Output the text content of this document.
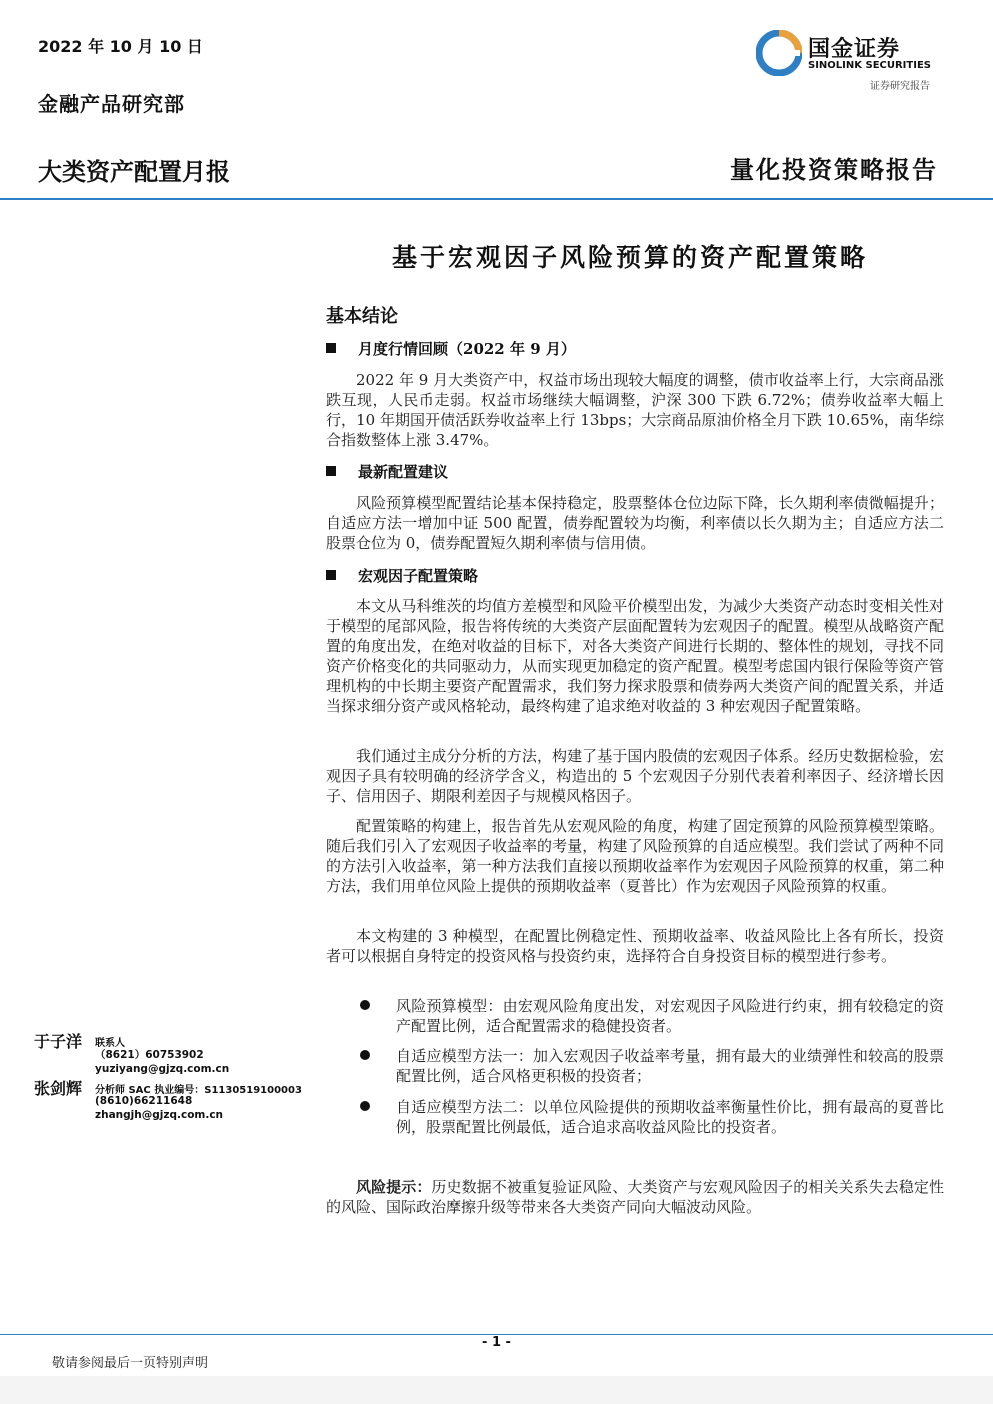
2022 年 10 月 10 日
金融产品研究部
国金证券
SINOLINK SECURITIES
证券研究报告
大类资产配置月报	量化投资策略报告
基于宏观因子风险预算的资产配置策略
基本结论
月度行情回顾（2022 年 9 月）
2022 年 9 月大类资产中，权益市场出现较大幅度的调整，债市收益率上行，大宗商品涨跌互现，人民币走弱。权益市场继续大幅调整，沪深 300 下跌 6.72%；债券收益率大幅上行，10 年期国开债活跃券收益率上行 13bps；大宗商品原油价格全月下跌 10.65%，南华综合指数整体上涨 3.47%。
最新配置建议
风险预算模型配置结论基本保持稳定，股票整体仓位边际下降，长久期利率债微幅提升；自适应方法一增加中证 500 配置，债券配置较为均衡，利率债以长久期为主；自适应方法二股票仓位为 0，债券配置短久期利率债与信用债。
宏观因子配置策略
本文从马科维茨的均值方差模型和风险平价模型出发，为减少大类资产动态时变相关性对于模型的尾部风险，报告将传统的大类资产层面配置转为宏观因子的配置。模型从战略资产配置的角度出发，在绝对收益的目标下，对各大类资产间进行长期的、整体性的规划，寻找不同资产价格变化的共同驱动力，从而实现更加稳定的资产配置。模型考虑国内银行保险等资产管理机构的中长期主要资产配置需求，我们努力探求股票和债券两大类资产间的配置关系，并适当探求细分资产或风格轮动，最终构建了追求绝对收益的 3 种宏观因子配置策略。
我们通过主成分分析的方法，构建了基于国内股债的宏观因子体系。经历史数据检验，宏观因子具有较明确的经济学含义，构造出的 5 个宏观因子分别代表着利率因子、经济增长因子、信用因子、期限利差因子与规模风格因子。
配置策略的构建上，报告首先从宏观风险的角度，构建了固定预算的风险预算模型策略。随后我们引入了宏观因子收益率的考量，构建了风险预算的自适应模型。我们尝试了两种不同的方法引入收益率，第一种方法我们直接以预期收益率作为宏观因子风险预算的权重，第二种方法，我们用单位风险上提供的预期收益率（夏普比）作为宏观因子风险预算的权重。
本文构建的 3 种模型，在配置比例稳定性、预期收益率、收益风险比上各有所长，投资者可以根据自身特定的投资风格与投资约束，选择符合自身投资目标的模型进行参考。
风险预算模型：由宏观风险角度出发，对宏观因子风险进行约束，拥有较稳定的资产配置比例，适合配置需求的稳健投资者。
自适应模型方法一：加入宏观因子收益率考量，拥有最大的业绩弹性和较高的股票配置比例，适合风格更积极的投资者；
自适应模型方法二：以单位风险提供的预期收益率衡量性价比，拥有最高的夏普比例，股票配置比例最低，适合追求高收益风险比的投资者。
风险提示：历史数据不被重复验证风险、大类资产与宏观风险因子的相关关系失去稳定性的风险、国际政治摩擦升级等带来各大类资产同向大幅波动风险。
于子洋 联系人
（8621）60753902
yuziyang@gjzq.com.cn
张剑辉 分析师 SAC 执业编号：S1130519100003
(8610)66211648
zhangjh@gjzq.com.cn
- 1 -
敬请参阅最后一页特别声明
